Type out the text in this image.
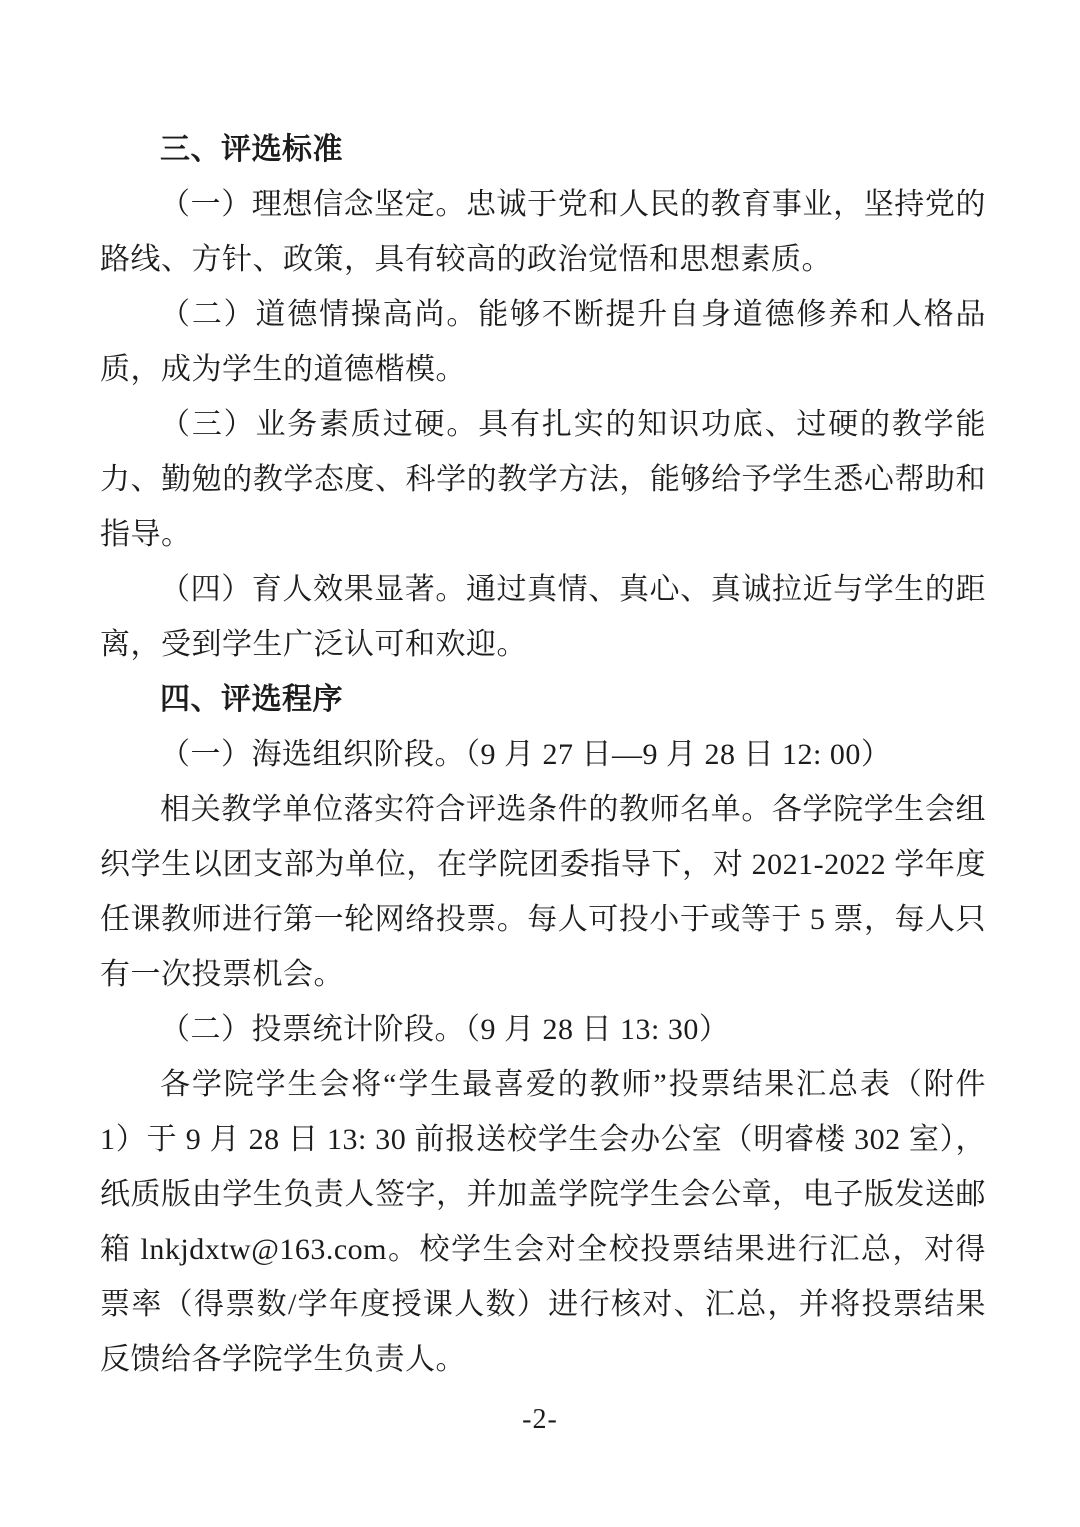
三、评选标准

（一）理想信念坚定。忠诚于党和人民的教育事业，坚持党的路线、方针、政策，具有较高的政治觉悟和思想素质。

（二）道德情操高尚。能够不断提升自身道德修养和人格品质，成为学生的道德楷模。

（三）业务素质过硬。具有扎实的知识功底、过硬的教学能力、勤勉的教学态度、科学的教学方法，能够给予学生悉心帮助和指导。

（四）育人效果显著。通过真情、真心、真诚拉近与学生的距离，受到学生广泛认可和欢迎。

四、评选程序

（一）海选组织阶段。（9 月 27 日—9 月 28 日 12: 00）

相关教学单位落实符合评选条件的教师名单。各学院学生会组织学生以团支部为单位，在学院团委指导下，对 2021-2022 学年度任课教师进行第一轮网络投票。每人可投小于或等于 5 票，每人只有一次投票机会。

（二）投票统计阶段。（9 月 28 日 13: 30）

各学院学生会将“学生最喜爱的教师”投票结果汇总表（附件 1）于 9 月 28 日 13: 30 前报送校学生会办公室（明睿楼 302 室），纸质版由学生负责人签字，并加盖学院学生会公章，电子版发送邮箱 lnkjdxtw@163.com。校学生会对全校投票结果进行汇总，对得票率（得票数/学年度授课人数）进行核对、汇总，并将投票结果反馈给各学院学生负责人。

-2-
